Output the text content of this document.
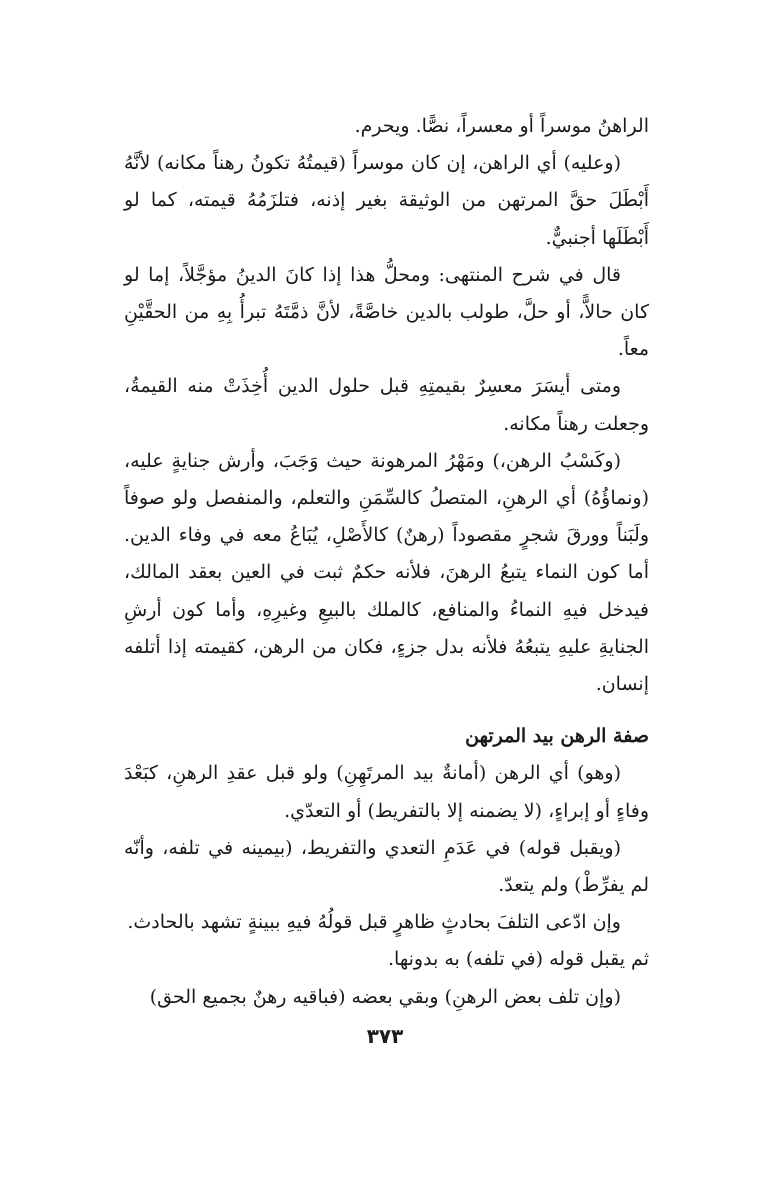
الراهنُ موسراً أو معسراً، نصًّا. ويحرم.

(وعليه) أي الراهن، إن كان موسراً (قيمتُهُ تكونُ رهناً مكانه) لأنَّهُ أَبْطَلَ حقَّ المرتهن من الوثيقة بغير إذنه، فتلزَمُهُ قيمته، كما لو أَبْطَلَها أجنبيٌّ.

قال في شرح المنتهى: ومحلُّ هذا إذا كانَ الدينُ مؤجَّلاً، إما لو كان حالاًّ، أو حلَّ، طولب بالدين خاصَّةً، لأنَّ ذمَّتَهُ تبرأُ بِهِ من الحقَّيْنِ معاً.

ومتى أيسَرَ معسِرٌ بقيمتِهِ قبل حلول الدين أُخِذَتْ منه القيمةُ، وجعلت رهناً مكانه.

(وكَسْبُ الرهن،) ومَهْرُ المرهونة حيث وَجَبَ، وأرش جنايةٍ عليه، (ونماؤُهُ) أي الرهنِ، المتصلُ كالسِّمَنِ والتعلم، والمنفصل ولو صوفاً ولَبَناً وورقَ شجرٍ مقصوداً (رهنٌ) كالأَصْلِ، يُبَاعُ معه في وفاء الدين. أما كون النماء يتبعُ الرهنَ، فلأنه حكمٌ ثبت في العين بعقد المالك، فيدخل فيهِ النماءُ والمنافع، كالملك بالبيعِ وغيرِهِ، وأما كون أرشِ الجنايةِ عليهِ يتبعُهُ فلأنه بدل جزءٍ، فكان من الرهن، كقيمته إذا أتلفه إنسان.

صفة الرهن بيد المرتهن

(وهو) أي الرهن (أمانةٌ بيد المرتَهِنِ) ولو قبل عقدِ الرهنِ، كبَعْدَ وفاءٍ أو إبراءٍ، (لا يضمنه إلا بالتفريط) أو التعدّي.

(ويقبل قوله) في عَدَمِ التعدي والتفريط، (بيمينه في تلفه، وأنّه لم يفرِّطْ) ولم يتعدّ.

وإن ادّعى التلفَ بحادثٍ ظاهرٍ قبل قولُهُ فيهِ ببينةٍ تشهد بالحادث.

ثم يقبل قوله (في تلفه) به بدونها.

(وإن تلف بعض الرهنِ) وبقي بعضه (فباقيه رهنٌ بجميع الحق)

٣٧٣
